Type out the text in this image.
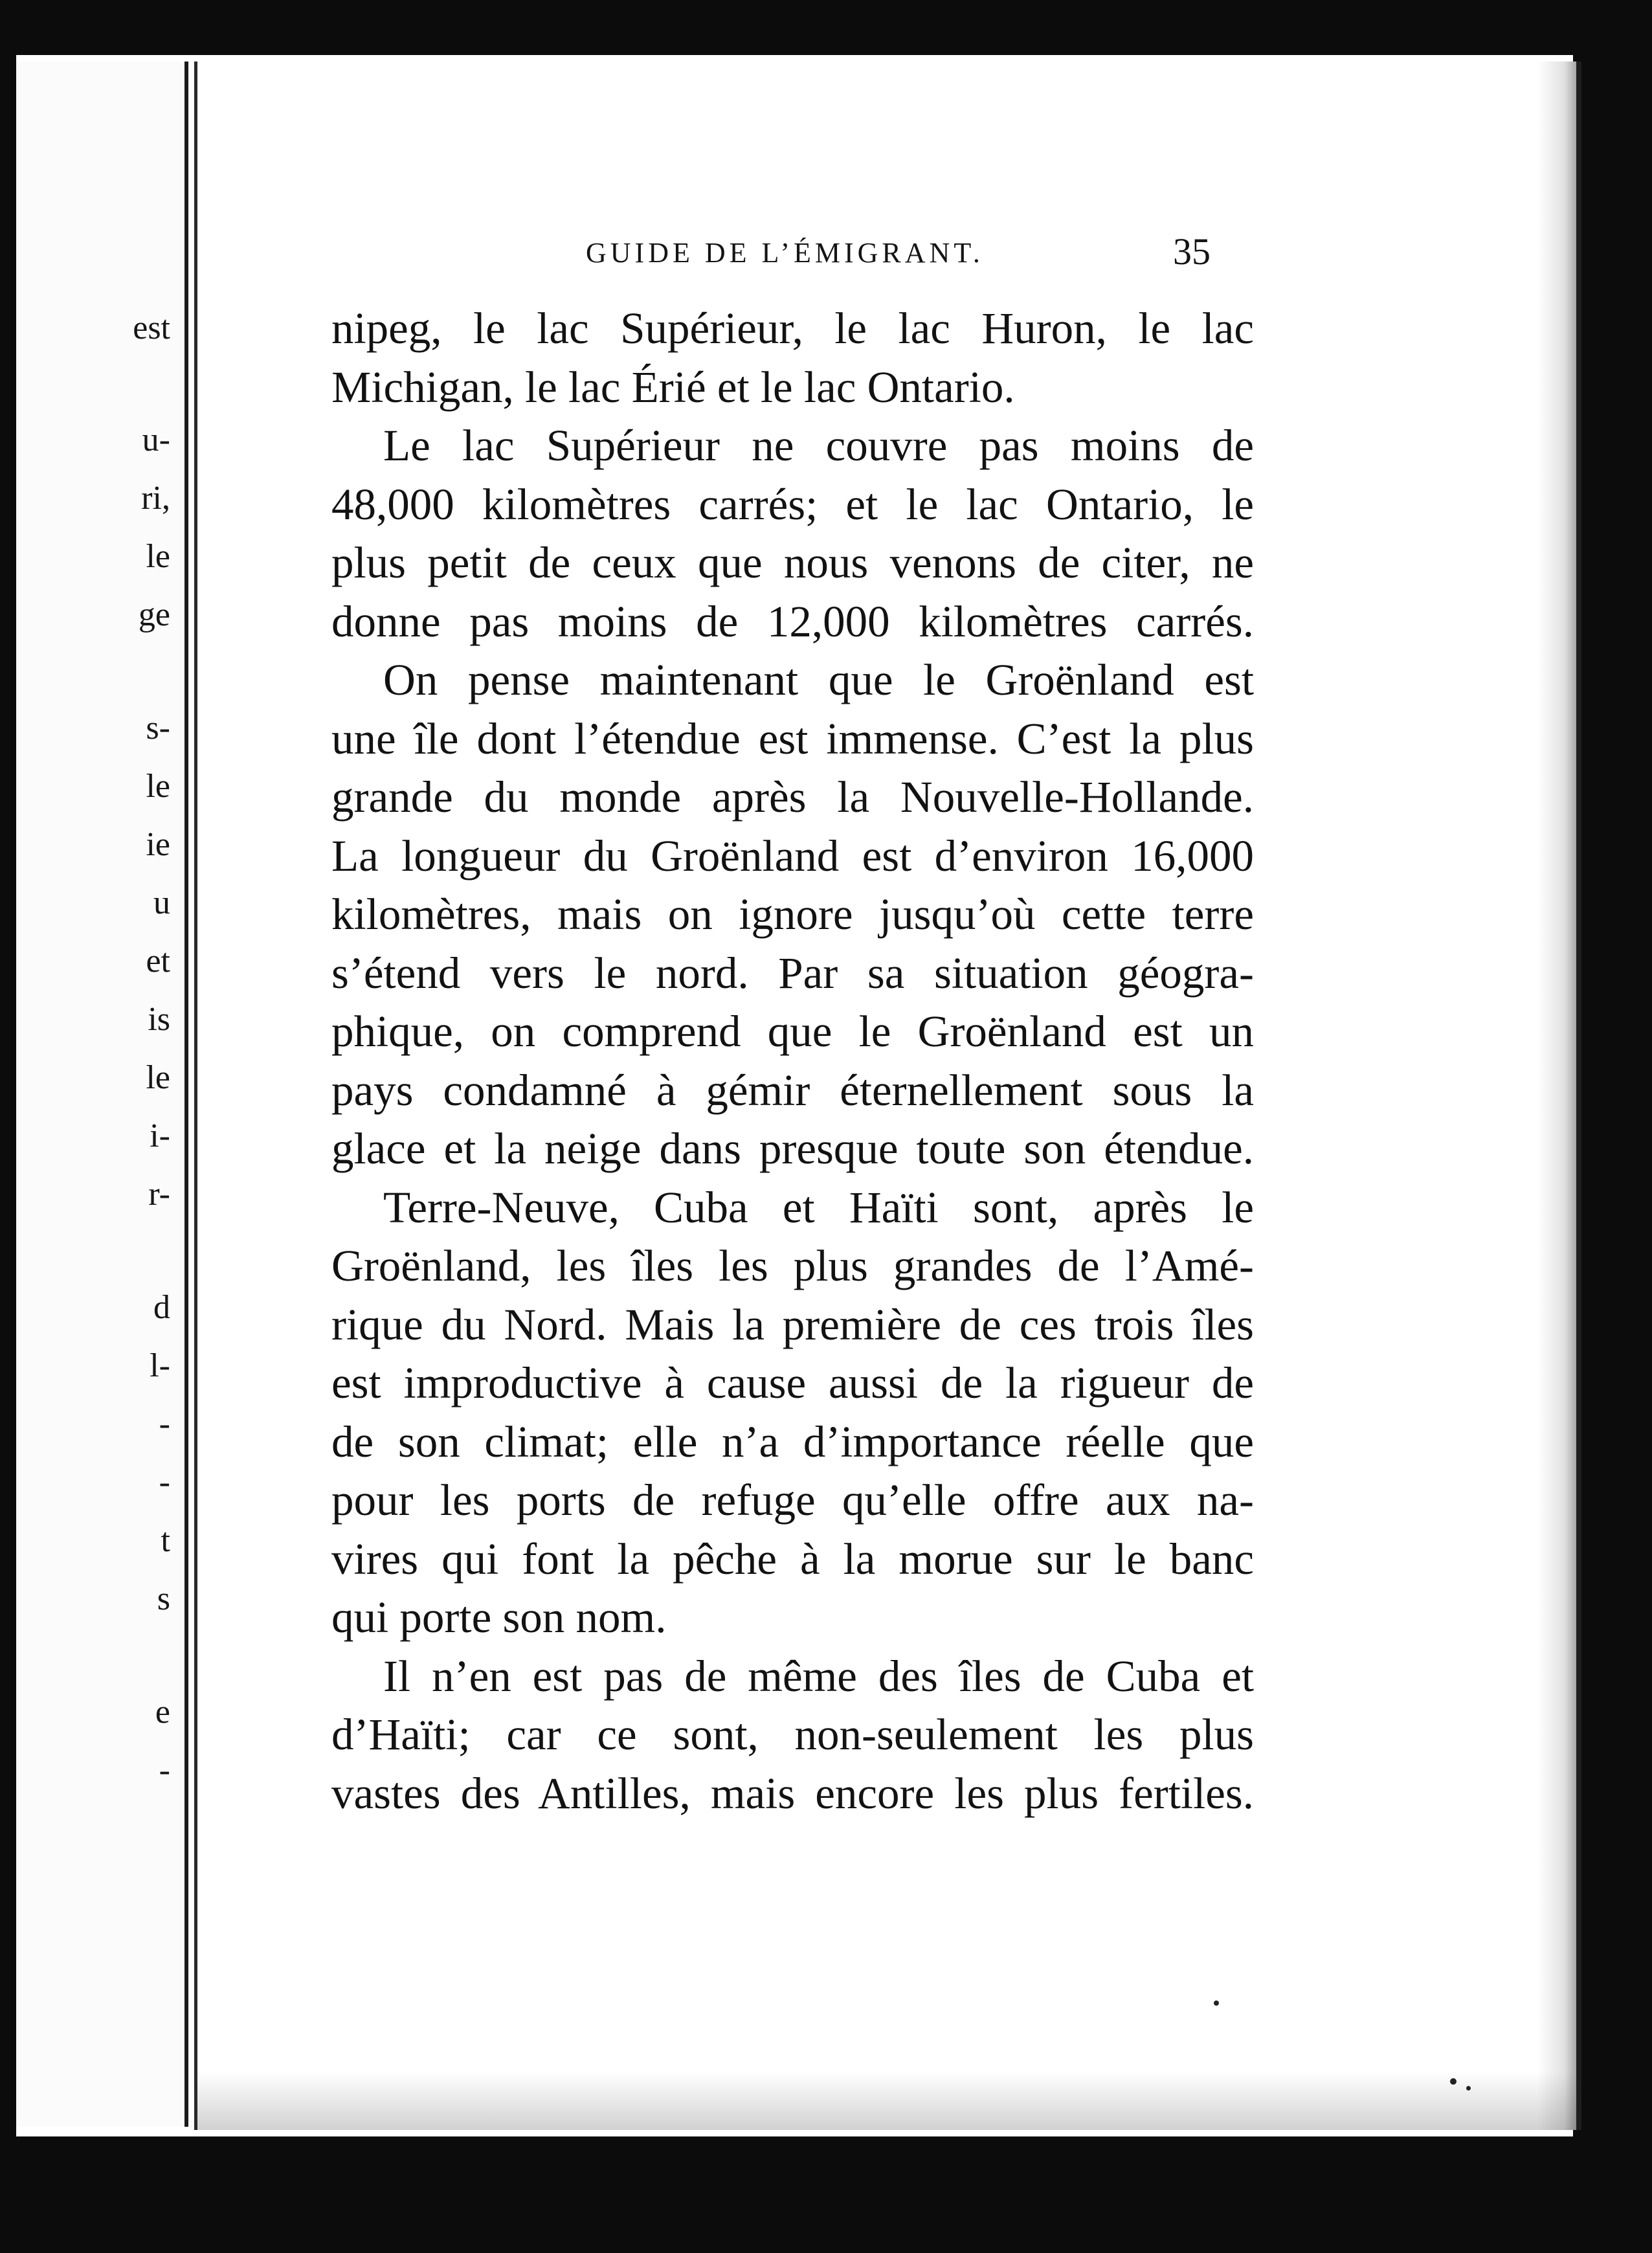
est
u-
ri,
le
ge
s-
le
ie
u
et
is
le
i-
r-
d
l-
-
-
t
s
e
-
GUIDE DE L’ÉMIGRANT.	35
nipeg, le lac Supérieur, le lac Huron, le lac
Michigan, le lac Érié et le lac Ontario.
Le lac Supérieur ne couvre pas moins de
48,000 kilomètres carrés; et le lac Ontario, le
plus petit de ceux que nous venons de citer, ne
donne pas moins de 12,000 kilomètres carrés.
On pense maintenant que le Groënland est
une île dont l’étendue est immense. C’est la plus
grande du monde après la Nouvelle-Hollande.
La longueur du Groënland est d’environ 16,000
kilomètres, mais on ignore jusqu’où cette terre
s’étend vers le nord. Par sa situation géogra-
phique, on comprend que le Groënland est un
pays condamné à gémir éternellement sous la
glace et la neige dans presque toute son étendue.
Terre-Neuve, Cuba et Haïti sont, après le
Groënland, les îles les plus grandes de l’Amé-
rique du Nord. Mais la première de ces trois îles
est improductive à cause aussi de la rigueur de
de son climat; elle n’a d’importance réelle que
pour les ports de refuge qu’elle offre aux na-
vires qui font la pêche à la morue sur le banc
qui porte son nom.
Il n’en est pas de même des îles de Cuba et
d’Haïti; car ce sont, non-seulement les plus
vastes des Antilles, mais encore les plus fertiles.
